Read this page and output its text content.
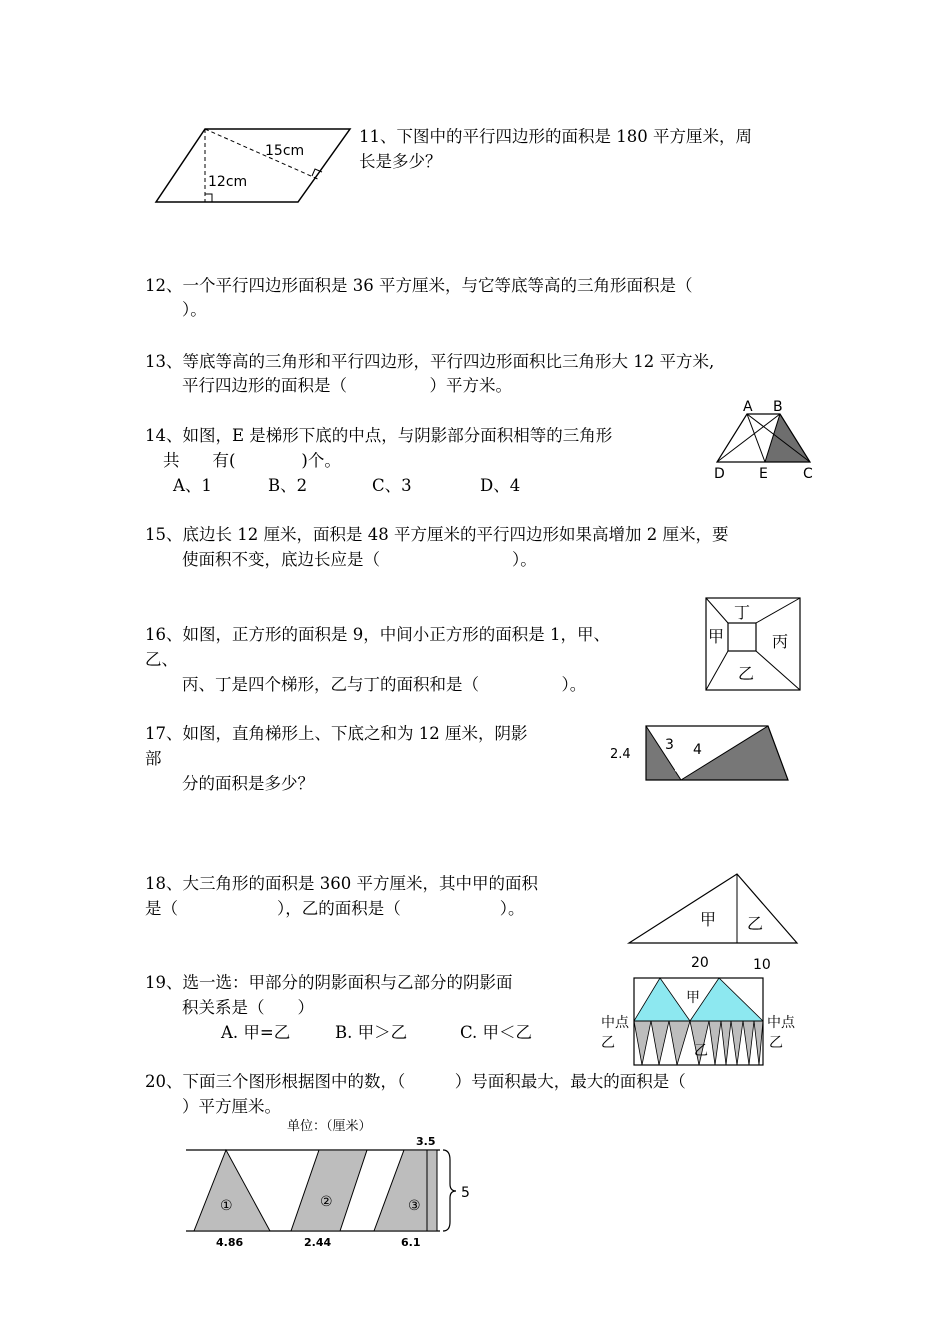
15cm
12cm
11、下图中的平行四边形的面积是 180 平方厘米，周
长是多少？
12、一个平行四边形面积是 36 平方厘米，与它等底等高的三角形面积是（
）。
13、等底等高的三角形和平行四边形，平行四边形面积比三角形大 12 平方米,
平行四边形的面积是（　　　　　）平方米。
14、如图，E 是梯形下底的中点，与阴影部分面积相等的三角形
共　　有(　　　　)个。
A、1	B、2	C、3	D、4
A B
D E	C
15、底边长 12 厘米，面积是 48 平方厘米的平行四边形如果高增加 2 厘米，要
使面积不变，底边长应是（　　　　　　　　）。
16、如图，正方形的面积是 9，中间小正方形的面积是 1，甲、
乙、
丙、丁是四个梯形，乙与丁的面积和是（　　　　　）。
丁
甲	丙
乙
17、如图，直角梯形上、下底之和为 12 厘米，阴影
部
分的面积是多少？
2.4
3 4
18、大三角形的面积是 360 平方厘米，其中甲的面积
是（　　　　　　），乙的面积是（　　　　　　）。
甲 乙
20	10
19、选一选：甲部分的阴影面积与乙部分的阴影面
积关系是（　　）
A. 甲=乙	B. 甲＞乙	C. 甲＜乙
甲
乙
中点
乙
中点
乙
20、下面三个图形根据图中的数，（　　　）号面积最大，最大的面积是（
）平方厘米。
单位：（厘米）
3.5
5
①	②	③
4.86	2.44	6.1
